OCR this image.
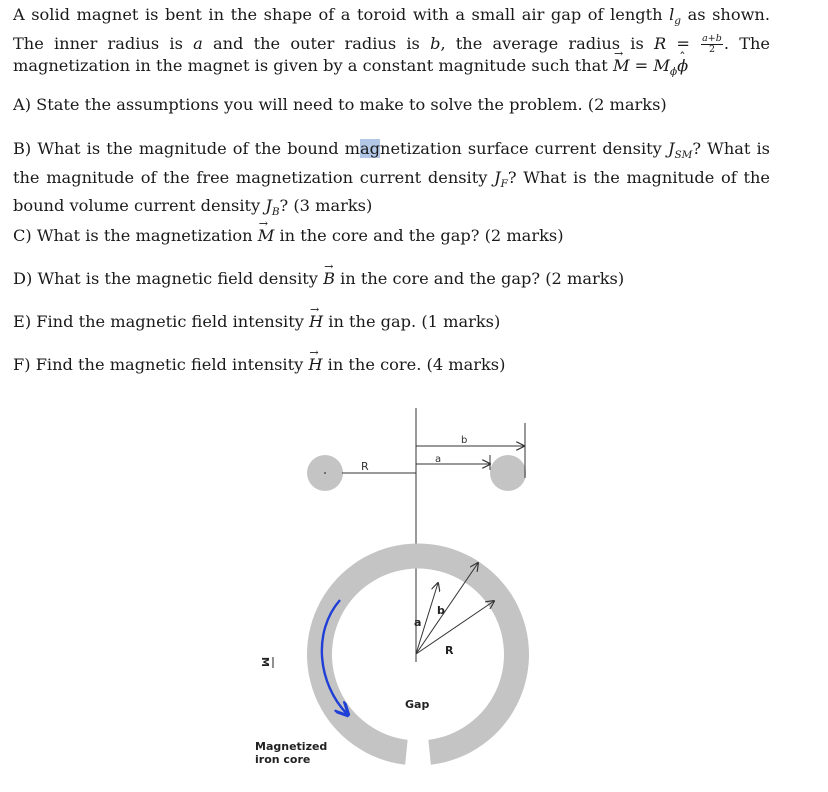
A solid magnet is bent in the shape of a toroid with a small air gap of length $l_g$ as shown. The inner radius is a and the outer radius is b, the average radius is $R = \frac{a+b}{2}$ . The magnetization in the magnet is given by a constant magnitude such that → $M = M_\phi ˆ$ ϕ

A) State the assumptions you will need to make to solve the problem. (2 marks)

B) What is the magnitude of the bound magnetization surface current density $J_{SM}$? What is the magnitude of the free magnetization current density $J_F$? What is the magnitude of the bound volume current density $J_B$? (3 marks)

C) What is the magnetization → M in the core and the gap? (2 marks)

D) What is the magnetic field density → B in the core and the gap? (2 marks)

E) Find the magnetic field intensity → H in the gap. (1 marks)

F) Find the magnetic field intensity → H in the core. (4 marks)

R
a
b
a
b
R
Gap
M
Magnetized
iron core
